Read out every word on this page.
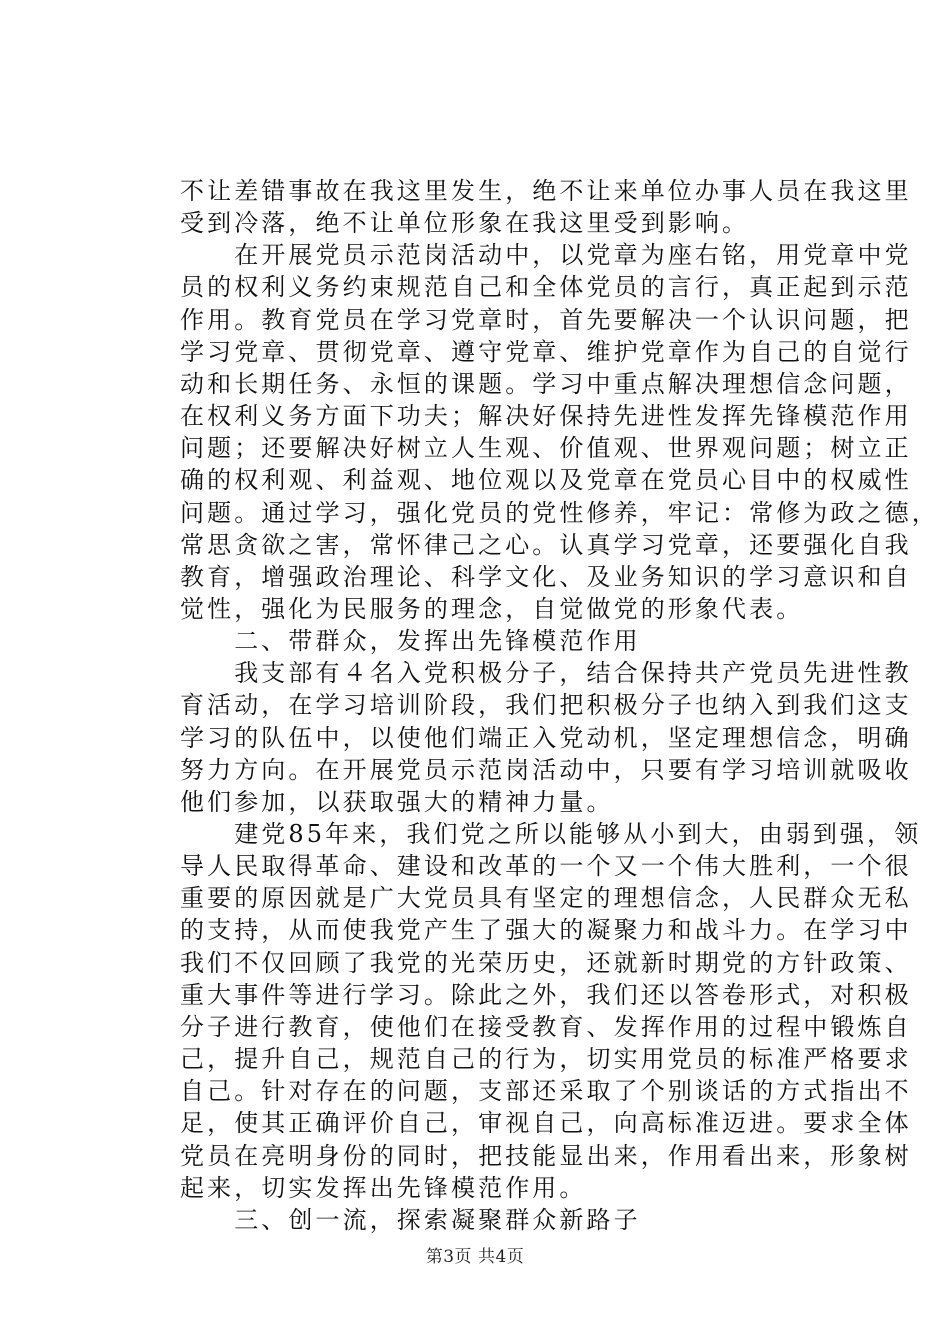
不让差错事故在我这里发生，绝不让来单位办事人员在我这里
受到冷落，绝不让单位形象在我这里受到影响。
　　在开展党员示范岗活动中，以党章为座右铭，用党章中党
员的权利义务约束规范自己和全体党员的言行，真正起到示范
作用。教育党员在学习党章时，首先要解决一个认识问题，把
学习党章、贯彻党章、遵守党章、维护党章作为自己的自觉行
动和长期任务、永恒的课题。学习中重点解决理想信念问题，
在权利义务方面下功夫；解决好保持先进性发挥先锋模范作用
问题；还要解决好树立人生观、价值观、世界观问题；树立正
确的权利观、利益观、地位观以及党章在党员心目中的权威性
问题。通过学习，强化党员的党性修养，牢记：常修为政之德，
常思贪欲之害，常怀律己之心。认真学习党章，还要强化自我
教育，增强政治理论、科学文化、及业务知识的学习意识和自
觉性，强化为民服务的理念，自觉做党的形象代表。
　　二、带群众，发挥出先锋模范作用
　　我支部有４名入党积极分子，结合保持共产党员先进性教
育活动，在学习培训阶段，我们把积极分子也纳入到我们这支
学习的队伍中，以使他们端正入党动机，坚定理想信念，明确
努力方向。在开展党员示范岗活动中，只要有学习培训就吸收
他们参加，以获取强大的精神力量。
　　建党85年来，我们党之所以能够从小到大，由弱到强，领
导人民取得革命、建设和改革的一个又一个伟大胜利，一个很
重要的原因就是广大党员具有坚定的理想信念，人民群众无私
的支持，从而使我党产生了强大的凝聚力和战斗力。在学习中
我们不仅回顾了我党的光荣历史，还就新时期党的方针政策、
重大事件等进行学习。除此之外，我们还以答卷形式，对积极
分子进行教育，使他们在接受教育、发挥作用的过程中锻炼自
己，提升自己，规范自己的行为，切实用党员的标准严格要求
自己。针对存在的问题，支部还采取了个别谈话的方式指出不
足，使其正确评价自己，审视自己，向高标准迈进。要求全体
党员在亮明身份的同时，把技能显出来，作用看出来，形象树
起来，切实发挥出先锋模范作用。
　　三、创一流，探索凝聚群众新路子
第3页 共4页
